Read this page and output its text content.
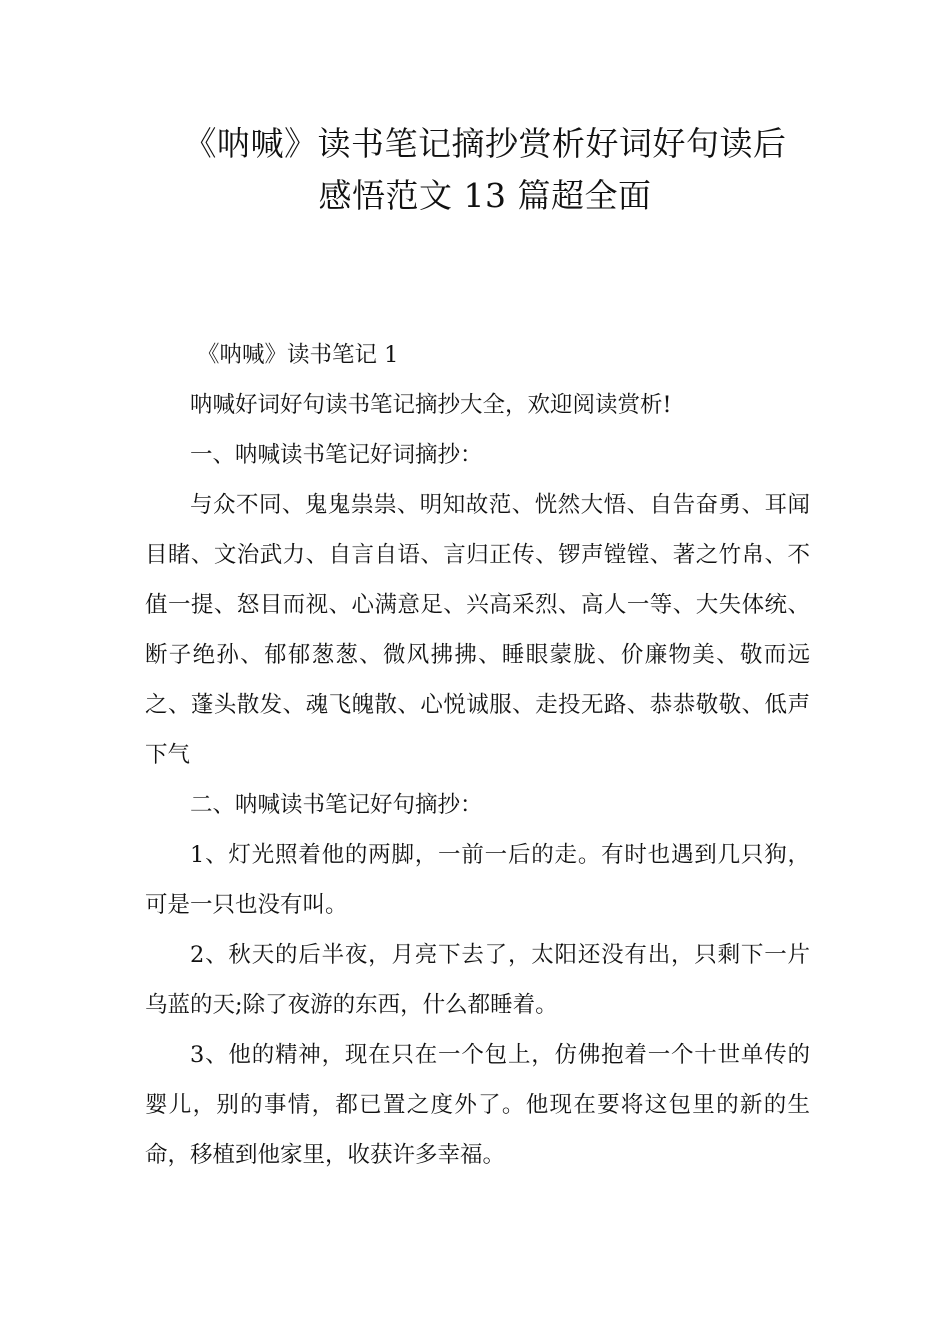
《呐喊》读书笔记摘抄赏析好词好句读后
感悟范文 13 篇超全面

《呐喊》读书笔记 1

呐喊好词好句读书笔记摘抄大全，欢迎阅读赏析!

一、呐喊读书笔记好词摘抄：

与众不同、鬼鬼祟祟、明知故范、恍然大悟、自告奋勇、耳闻目睹、文治武力、自言自语、言归正传、锣声镗镗、著之竹帛、不值一提、怒目而视、心满意足、兴高采烈、高人一等、大失体统、断子绝孙、郁郁葱葱、微风拂拂、睡眼蒙胧、价廉物美、敬而远之、蓬头散发、魂飞魄散、心悦诚服、走投无路、恭恭敬敬、低声下气

二、呐喊读书笔记好句摘抄：

1、灯光照着他的两脚，一前一后的走。有时也遇到几只狗，可是一只也没有叫。

2、秋天的后半夜，月亮下去了，太阳还没有出，只剩下一片乌蓝的天;除了夜游的东西，什么都睡着。

3、他的精神，现在只在一个包上，仿佛抱着一个十世单传的婴儿，别的事情，都已置之度外了。他现在要将这包里的新的生命，移植到他家里，收获许多幸福。
